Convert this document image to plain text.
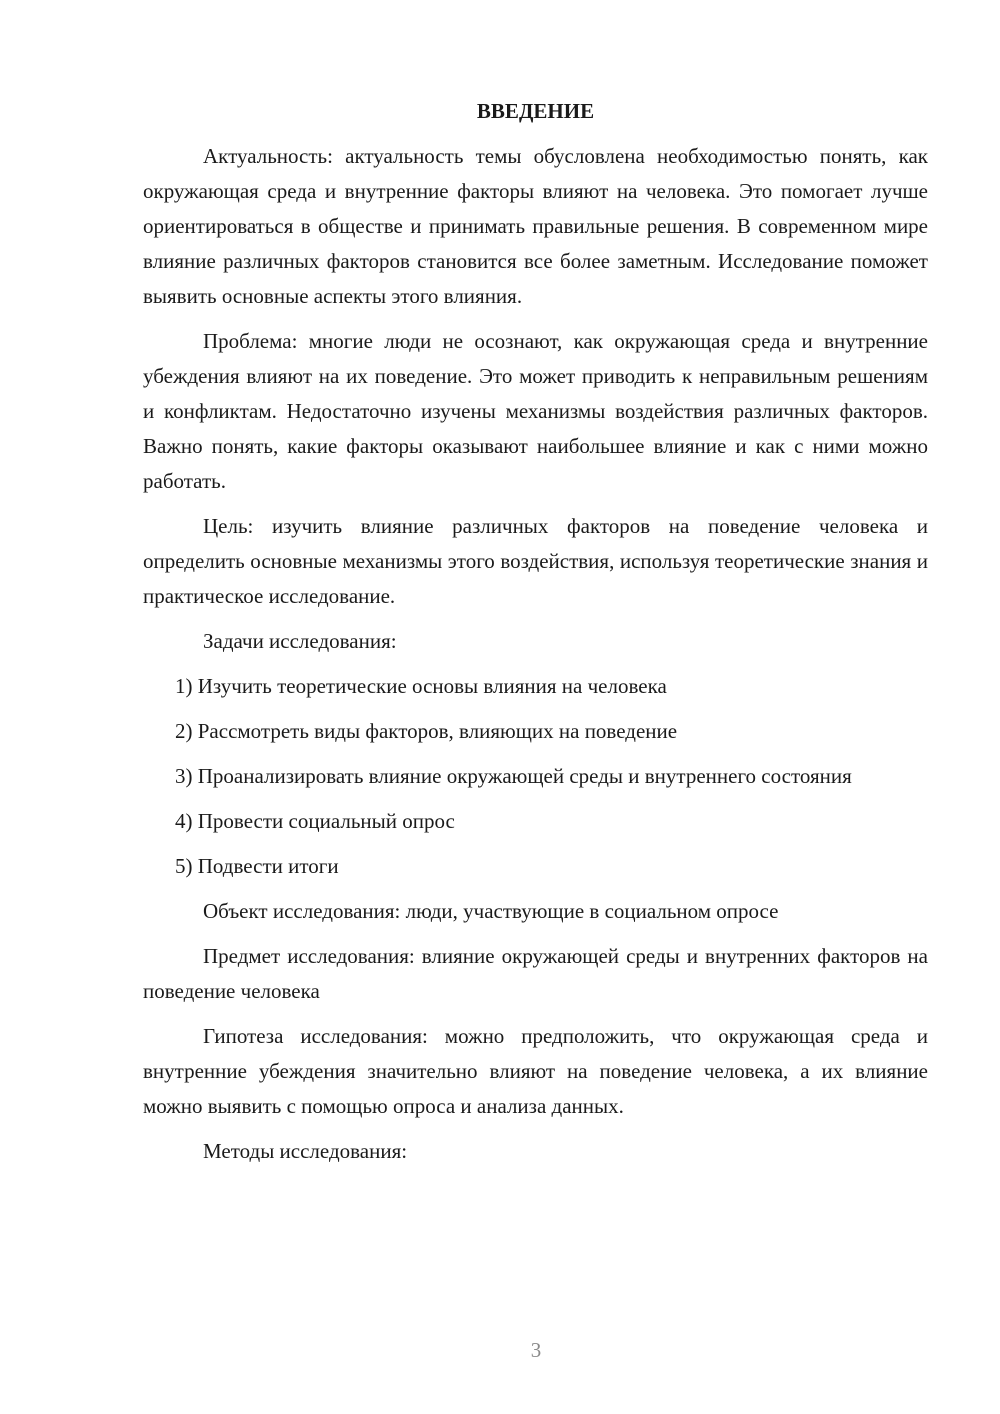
ВВЕДЕНИЕ

Актуальность: актуальность темы обусловлена необходимостью понять, как окружающая среда и внутренние факторы влияют на человека. Это помогает лучше ориентироваться в обществе и принимать правильные решения. В современном мире влияние различных факторов становится все более заметным. Исследование поможет выявить основные аспекты этого влияния.

Проблема: многие люди не осознают, как окружающая среда и внутренние убеждения влияют на их поведение. Это может приводить к неправильным решениям и конфликтам. Недостаточно изучены механизмы воздействия различных факторов. Важно понять, какие факторы оказывают наибольшее влияние и как с ними можно работать.

Цель: изучить влияние различных факторов на поведение человека и определить основные механизмы этого воздействия, используя теоретические знания и практическое исследование.

Задачи исследования:

1) Изучить теоретические основы влияния на человека

2) Рассмотреть виды факторов, влияющих на поведение

3) Проанализировать влияние окружающей среды и внутреннего состояния

4) Провести социальный опрос

5) Подвести итоги

Объект исследования: люди, участвующие в социальном опросе

Предмет исследования: влияние окружающей среды и внутренних факторов на поведение человека

Гипотеза исследования: можно предположить, что окружающая среда и внутренние убеждения значительно влияют на поведение человека, а их влияние можно выявить с помощью опроса и анализа данных.

Методы исследования:

3
